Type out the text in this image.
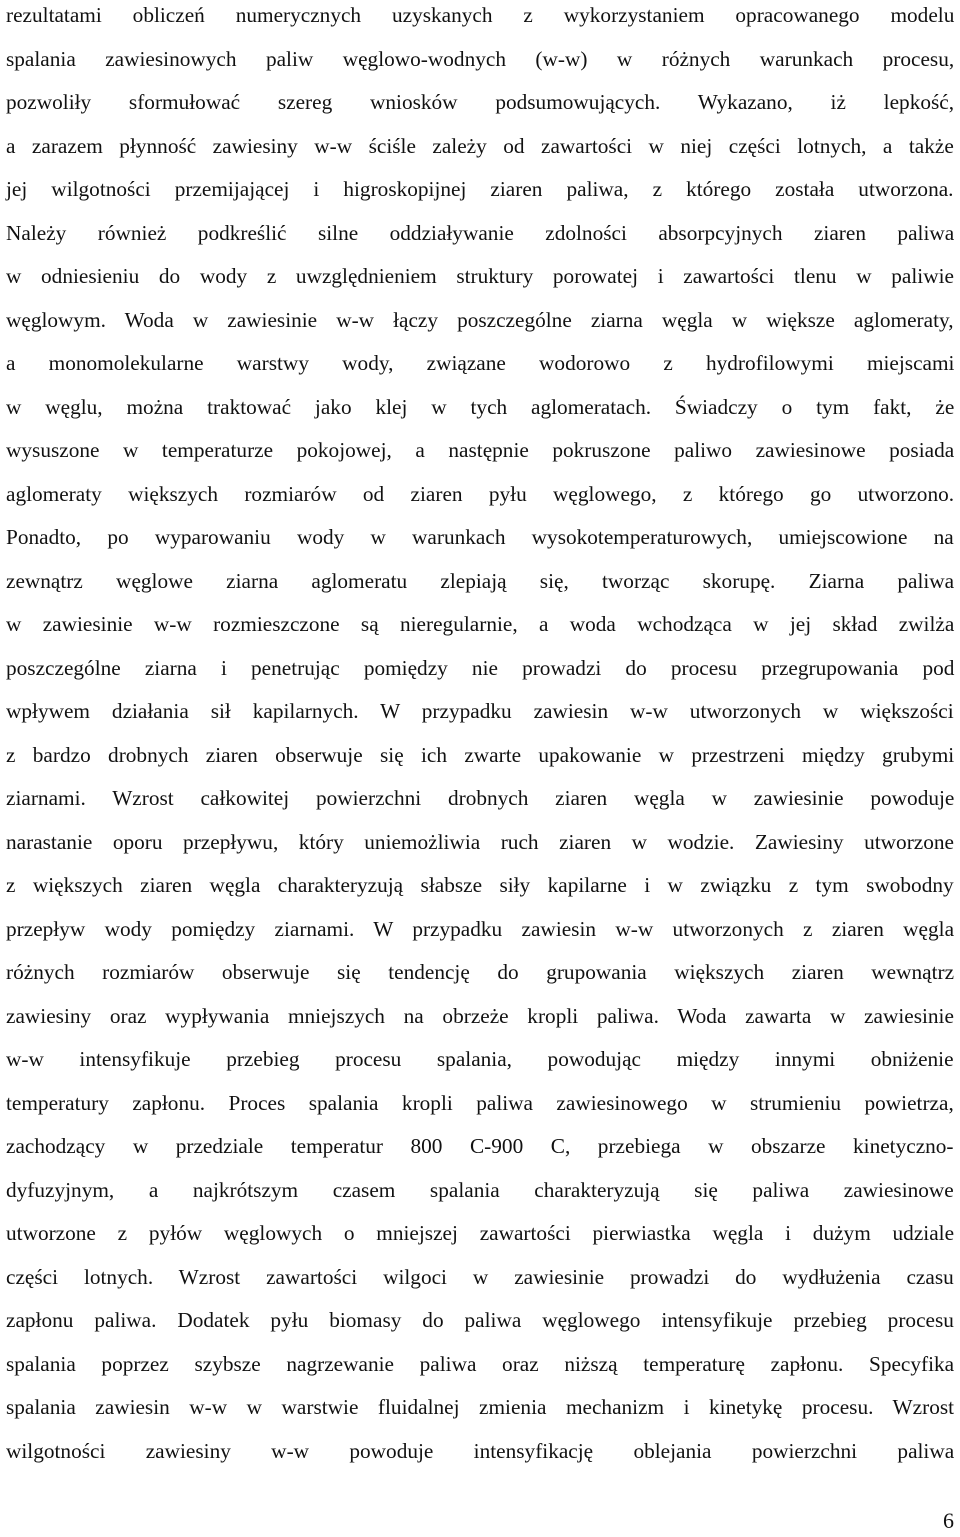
rezultatami obliczeń numerycznych uzyskanych z wykorzystaniem opracowanego modelu
spalania zawiesinowych paliw węglowo-wodnych (w-w) w różnych warunkach procesu,
pozwoliły sformułować szereg wniosków podsumowujących. Wykazano, iż lepkość,
a zarazem płynność zawiesiny w-w ściśle zależy od zawartości w niej części lotnych, a także
jej wilgotności przemijającej i higroskopijnej ziaren paliwa, z którego została utworzona.
Należy również podkreślić silne oddziaływanie zdolności absorpcyjnych ziaren paliwa
w odniesieniu do wody z uwzględnieniem struktury porowatej i zawartości tlenu w paliwie
węglowym. Woda w zawiesinie w-w łączy poszczególne ziarna węgla w większe aglomeraty,
a monomolekularne warstwy wody, związane wodorowo z hydrofilowymi miejscami
w węglu, można traktować jako klej w tych aglomeratach. Świadczy o tym fakt, że
wysuszone w temperaturze pokojowej, a następnie pokruszone paliwo zawiesinowe posiada
aglomeraty większych rozmiarów od ziaren pyłu węglowego, z którego go utworzono.
Ponadto, po wyparowaniu wody w warunkach wysokotemperaturowych, umiejscowione na
zewnątrz węglowe ziarna aglomeratu zlepiają się, tworząc skorupę. Ziarna paliwa
w zawiesinie w-w rozmieszczone są nieregularnie, a woda wchodząca w jej skład zwilża
poszczególne ziarna i penetrując pomiędzy nie prowadzi do procesu przegrupowania pod
wpływem działania sił kapilarnych. W przypadku zawiesin w-w utworzonych w większości
z bardzo drobnych ziaren obserwuje się ich zwarte upakowanie w przestrzeni między grubymi
ziarnami. Wzrost całkowitej powierzchni drobnych ziaren węgla w zawiesinie powoduje
narastanie oporu przepływu, który uniemożliwia ruch ziaren w wodzie. Zawiesiny utworzone
z większych ziaren węgla charakteryzują słabsze siły kapilarne i w związku z tym swobodny
przepływ wody pomiędzy ziarnami. W przypadku zawiesin w-w utworzonych z ziaren węgla
różnych rozmiarów obserwuje się tendencję do grupowania większych ziaren wewnątrz
zawiesiny oraz wypływania mniejszych na obrzeże kropli paliwa. Woda zawarta w zawiesinie
w-w intensyfikuje przebieg procesu spalania, powodując między innymi obniżenie
temperatury zapłonu. Proces spalania kropli paliwa zawiesinowego w strumieniu powietrza,
zachodzący w przedziale temperatur 800 C-900 C, przebiega w obszarze kinetyczno-
dyfuzyjnym, a najkrótszym czasem spalania charakteryzują się paliwa zawiesinowe
utworzone z pyłów węglowych o mniejszej zawartości pierwiastka węgla i dużym udziale
części lotnych. Wzrost zawartości wilgoci w zawiesinie prowadzi do wydłużenia czasu
zapłonu paliwa. Dodatek pyłu biomasy do paliwa węglowego intensyfikuje przebieg procesu
spalania poprzez szybsze nagrzewanie paliwa oraz niższą temperaturę zapłonu. Specyfika
spalania zawiesin w-w w warstwie fluidalnej zmienia mechanizm i kinetykę procesu. Wzrost
wilgotności zawiesiny w-w powoduje intensyfikację oblejania powierzchni paliwa
6
